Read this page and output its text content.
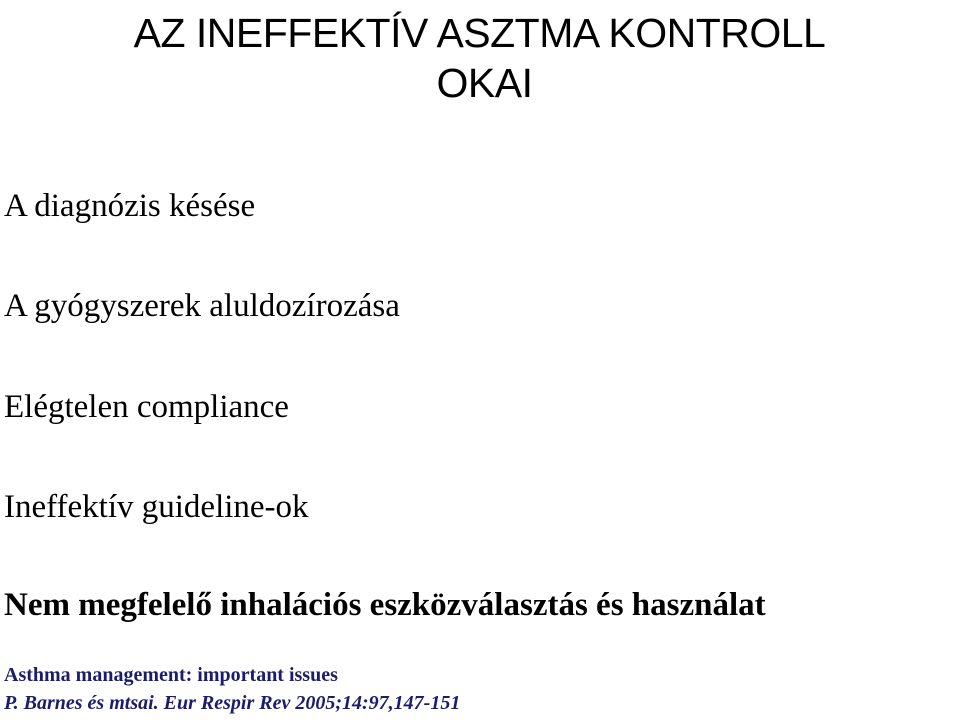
AZ INEFFEKTÍV ASZTMA KONTROLL
OKAI
A diagnózis késése
A gyógyszerek aluldozírozása
Elégtelen compliance
Ineffektív guideline-ok
Nem megfelelő inhalációs eszközválasztás és használat
Asthma management: important issues
P. Barnes és mtsai. Eur Respir Rev 2005;14:97,147-151
